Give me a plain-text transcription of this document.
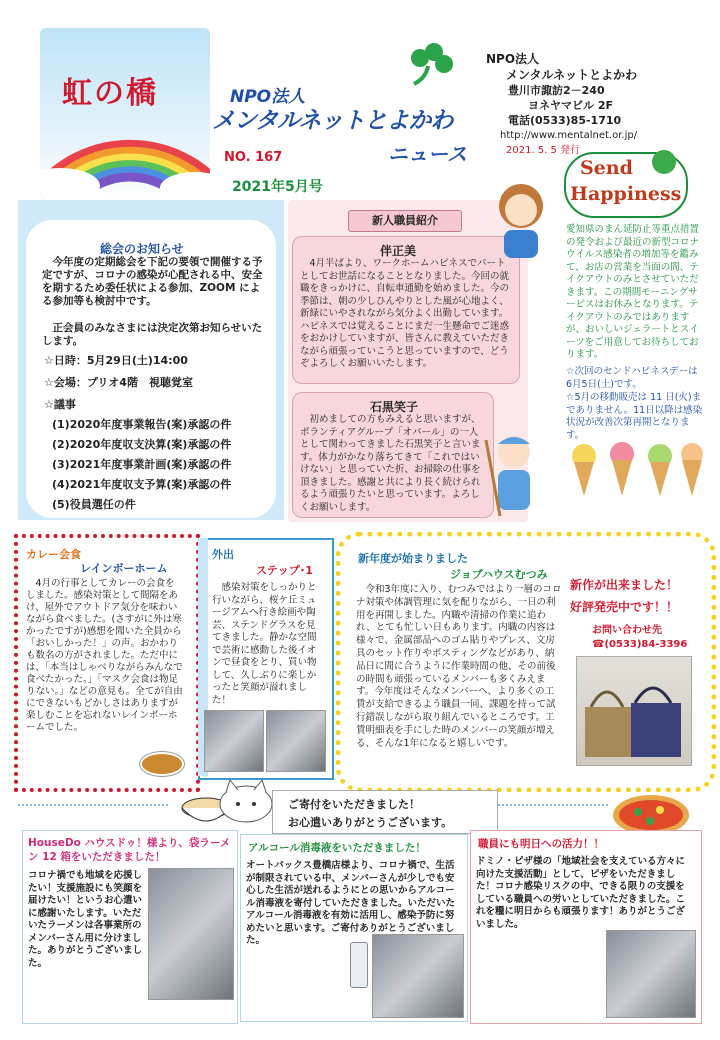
虹の橋	NPO法人
メンタルネットとよかわ
ニュース
NO. 167
2021年5月号
NPO法人
メンタルネットとよかわ
豊川市諏訪2－240
ヨネヤマビル 2F
電話(0533)85-1710
http://www.mentalnet.or.jp/
2021. 5. 5 発行
Send
Happiness
総会のお知らせ
今年度の定期総会を下記の要領で開催する予定ですが、コロナの感染が心配される中、安全を期するため委任状による参加、ZOOM による参加等も検討中です。
正会員のみなさまには決定次第お知らせいたします。
☆日時：5月29日(土)14:00
☆会場：プリオ4階　視聴覚室
☆議事
(1)2020年度事業報告(案)承認の件
(2)2020年度収支決算(案)承認の件
(3)2021年度事業計画(案)承認の件
(4)2021年度収支予算(案)承認の件
(5)役員選任の件
新人職員紹介
伴正美
4月半ばより、ワークホームハピネスでパートとしてお世話になることとなりました。今回の就職をきっかけに、自転車通勤を始めました。今の季節は、朝の少しひんやりとした風が心地よく、新緑にいやされながら気分よく出勤しています。ハピネスでは覚えることにまだ一生懸命でご迷惑をおかけしていますが、皆さんに教えていただきながら頑張っていこうと思っていますので、どうぞよろしくお願いいたします。
石黒笑子
初めましての方もみえると思いますが、ボランティアグループ「オパール」の一人として関わってきました石黒笑子と言います。体力がかなり落ちてきて「これではいけない」と思っていた折、お掃除の仕事を頂きました。感謝と共により長く続けられるよう頑張りたいと思っています。よろしくお願いします。
愛知県のまん延防止等重点措置の発令および最近の新型コロナウイルス感染者の増加等を鑑みて、お店の営業を当面の間、テイクアウトのみとさせていただきます。この期間モーニングサービスはお休みとなります。テイクアウトのみではありますが、おいしいジェラートとスイーツをご用意してお待ちしております。
☆次回のセンドハピネスデーは 6月5日(土)です。
☆5月の移動販売は 11 日(火)までありません。11日以降は感染状況が改善次第再開となります。
カレー会食
レインボーホーム
4月の行事としてカレーの会食をしました。感染対策として間隔をあけ、屋外でアウトドア気分を味わいながら食べました。(さすがに外は寒かったですが)感想を聞いた全員から「おいしかった！」の声。おかわりも数名の方がされました。ただ中には、「本当はしゃべりながらみんなで食べたかった。」「マスク会食は物足りない。」などの意見も。全てが自由にできないもどかしさはありますが楽しむことを忘れないレインボーホームでした。
外出
ステップ･1
感染対策をしっかりと行いながら、桜ケ丘ミュージアムへ行き絵画や陶芸、ステンドグラスを見てきました。静かな空間で芸術に感動した後イオンで昼食をとり、買い物して、久しぶりに楽しかったと笑顔が溢れました！
新年度が始まりました
ジョブハウスむつみ
令和3年度に入り、むつみではより一層のコロナ対策や体調管理に気を配りながら、一日の利用を再開しました。内職や清掃の作業に追われ、とても忙しい日もあります。内職の内容は様々で、金属部品へのゴム貼りやプレス、文房具のセット作りやポスティングなどがあり、納品日に間に合うように作業時間の他、その前後の時間も頑張っているメンバーも多くみえます。今年度はそんなメンバーへ、より多くの工賃が支給できるよう職員一同、課題を持って試行錯誤しながら取り組んでいるところです。工賃明細表を手にした時のメンバーの笑顔が増える、そんな1年になると嬉しいです。
新作が出来ました！
好評発売中です！！
お問い合わせ先
☎(0533)84-3396
ご寄付をいただきました！
お心遣いありがとうございます。
HouseDo ハウスドゥ！様より、袋ラーメン 12 箱をいただきました！
コロナ禍でも地域を応援したい！支援施設にも笑顔を届けたい！というお心遣いに感謝いたします。いただいたラーメンは各事業所のメンバーさん用に分けました。ありがとうございました。
アルコール消毒液をいただきました！
オートバックス豊橋店様より、コロナ禍で、生活が制限されている中、メンバーさんが少しでも安心した生活が送れるようにとの思いからアルコール消毒液を寄付していただきました。いただいたアルコール消毒液を有効に活用し、感染予防に努めたいと思います。ご寄付ありがとうございました。
職員にも明日への活力！！
ドミノ・ピザ様の「地域社会を支えている方々に向けた支援活動」として、ピザをいただきました！コロナ感染リスクの中、できる限りの支援をしている職員への労いとしていただきました。これを糧に明日からも頑張ります！ありがとうございました。
